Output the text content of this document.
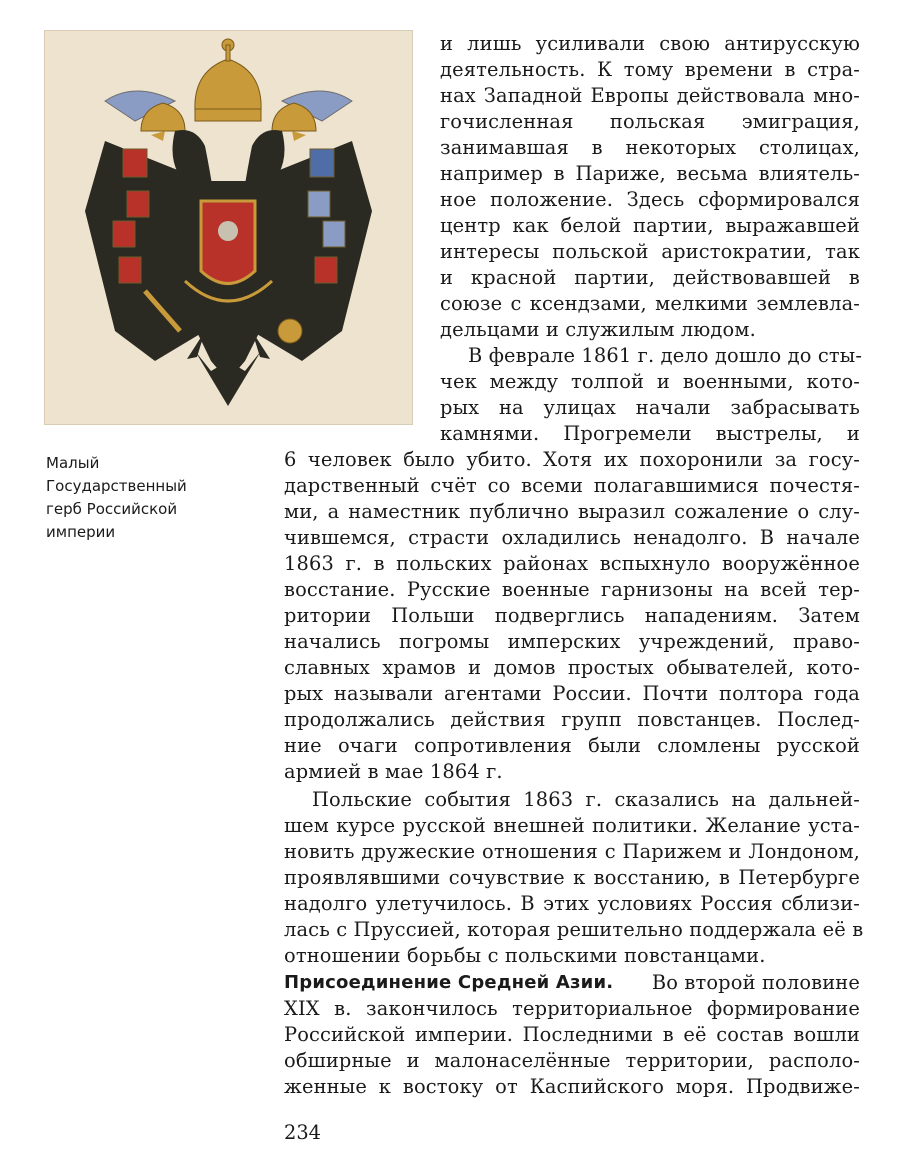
Малый
Государственный
герб Российской
империи
и лишь усиливали свою антирусскую
деятельность. К тому времени в стра-
нах Западной Европы действовала мно-
гочисленная польская эмиграция,
занимавшая в некоторых столицах,
например в Париже, весьма влиятель-
ное положение. Здесь сформировался
центр как белой партии, выражавшей
интересы польской аристократии, так
и красной партии, действовавшей в
союзе с ксендзами, мелкими землевла-
дельцами и служилым людом.
В феврале 1861 г. дело дошло до сты-
чек между толпой и военными, кото-
рых на улицах начали забрасывать
камнями. Прогремели выстрелы, и
6 человек было убито. Хотя их похоронили за госу-
дарственный счёт со всеми полагавшимися почестя-
ми, а наместник публично выразил сожаление о слу-
чившемся, страсти охладились ненадолго. В начале
1863 г. в польских районах вспыхнуло вооружённое
восстание. Русские военные гарнизоны на всей тер-
ритории Польши подверглись нападениям. Затем
начались погромы имперских учреждений, право-
славных храмов и домов простых обывателей, кото-
рых называли агентами России. Почти полтора года
продолжались действия групп повстанцев. Послед-
ние очаги сопротивления были сломлены русской
армией в мае 1864 г.
Польские события 1863 г. сказались на дальней-
шем курсе русской внешней политики. Желание уста-
новить дружеские отношения с Парижем и Лондоном,
проявлявшими сочувствие к восстанию, в Петербурге
надолго улетучилось. В этих условиях Россия сблизи-
лась с Пруссией, которая решительно поддержала её в
отношении борьбы с польскими повстанцами.
Присоединение Средней Азии. Во второй половине
XIX в. закончилось территориальное формирование
Российской империи. Последними в её состав вошли
обширные и малонаселённые территории, располо-
женные к востоку от Каспийского моря. Продвиже-
234
